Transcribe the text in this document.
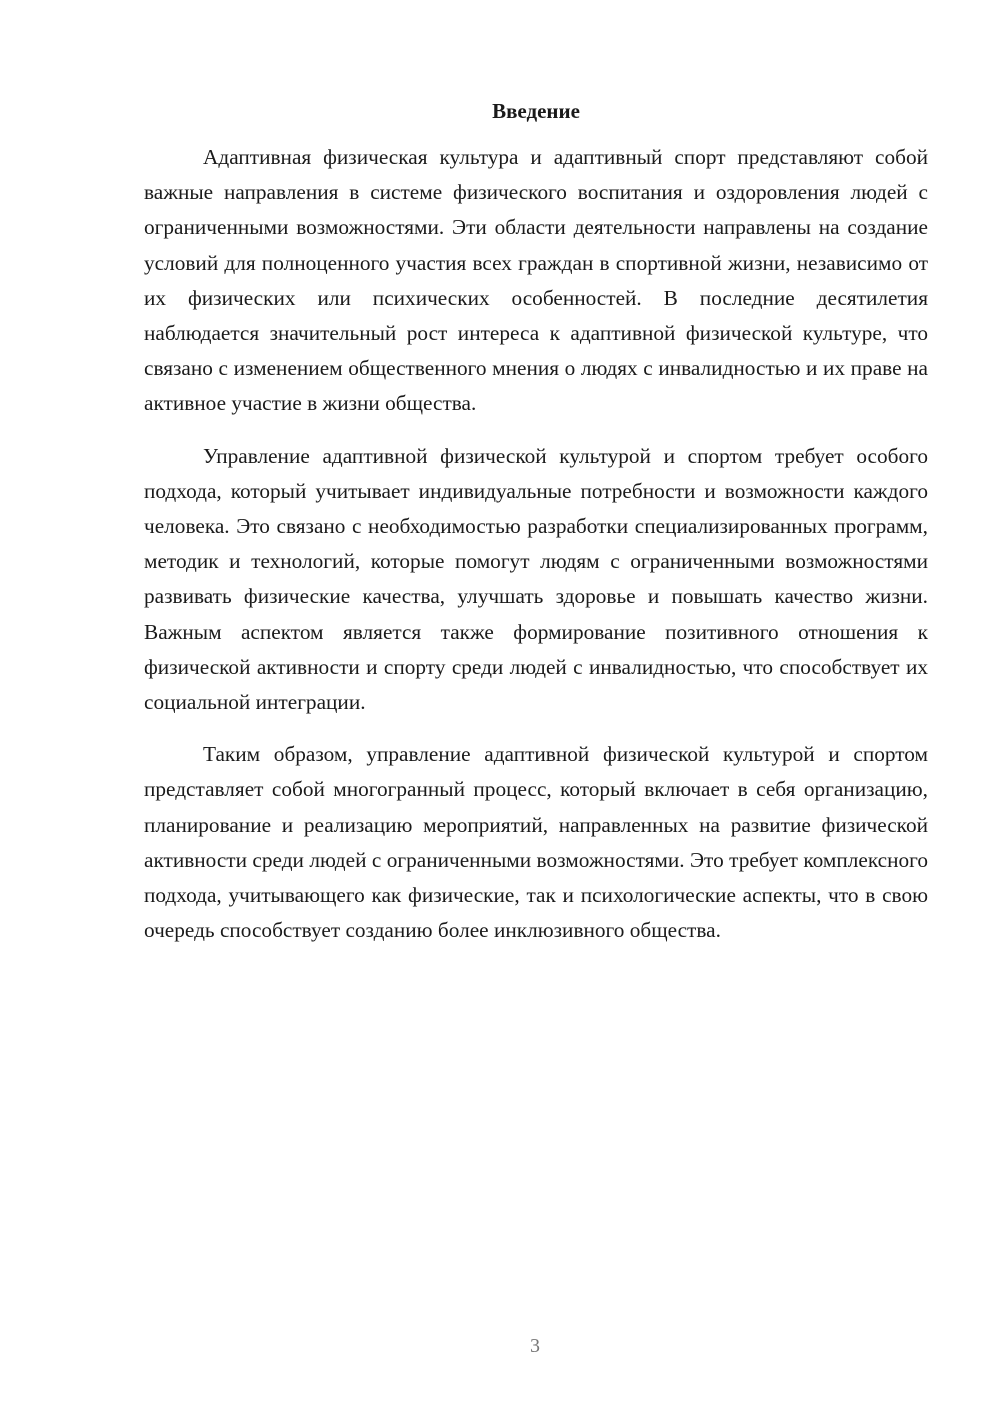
Введение

Адаптивная физическая культура и адаптивный спорт представляют собой важные направления в системе физического воспитания и оздоровления людей с ограниченными возможностями. Эти области деятельности направлены на создание условий для полноценного участия всех граждан в спортивной жизни, независимо от их физических или психических особенностей. В последние десятилетия наблюдается значительный рост интереса к адаптивной физической культуре, что связано с изменением общественного мнения о людях с инвалидностью и их праве на активное участие в жизни общества.

Управление адаптивной физической культурой и спортом требует особого подхода, который учитывает индивидуальные потребности и возможности каждого человека. Это связано с необходимостью разработки специализированных программ, методик и технологий, которые помогут людям с ограниченными возможностями развивать физические качества, улучшать здоровье и повышать качество жизни. Важным аспектом является также формирование позитивного отношения к физической активности и спорту среди людей с инвалидностью, что способствует их социальной интеграции.

Таким образом, управление адаптивной физической культурой и спортом представляет собой многогранный процесс, который включает в себя организацию, планирование и реализацию мероприятий, направленных на развитие физической активности среди людей с ограниченными возможностями. Это требует комплексного подхода, учитывающего как физические, так и психологические аспекты, что в свою очередь способствует созданию более инклюзивного общества.

3
